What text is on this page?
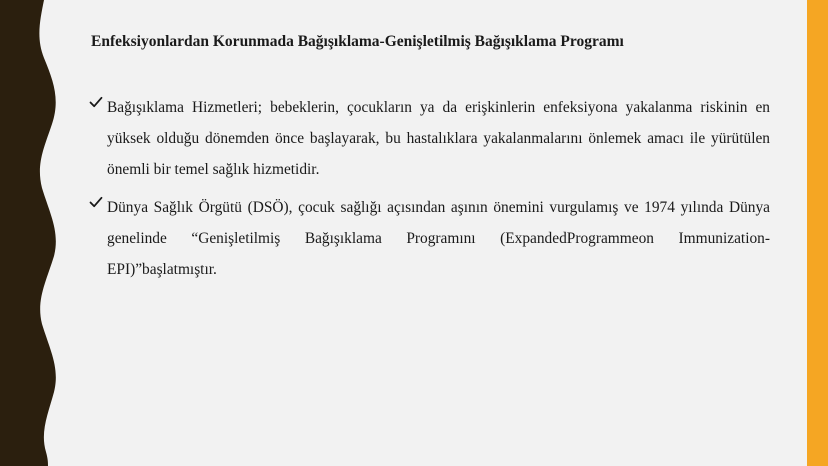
Enfeksiyonlardan Korunmada Bağışıklama-Genişletilmiş Bağışıklama Programı
Bağışıklama Hizmetleri; bebeklerin, çocukların ya da erişkinlerin enfeksiyona yakalanma riskinin en yüksek olduğu dönemden önce başlayarak, bu hastalıklara yakalanmalarını önlemek amacı ile yürütülen önemli bir temel sağlık hizmetidir.
Dünya Sağlık Örgütü (DSÖ), çocuk sağlığı açısından aşının önemini vurgulamış ve 1974 yılında Dünya genelinde “Genişletilmiş Bağışıklama Programını (ExpandedProgrammeon Immunization-EPI)”başlatmıştır.
